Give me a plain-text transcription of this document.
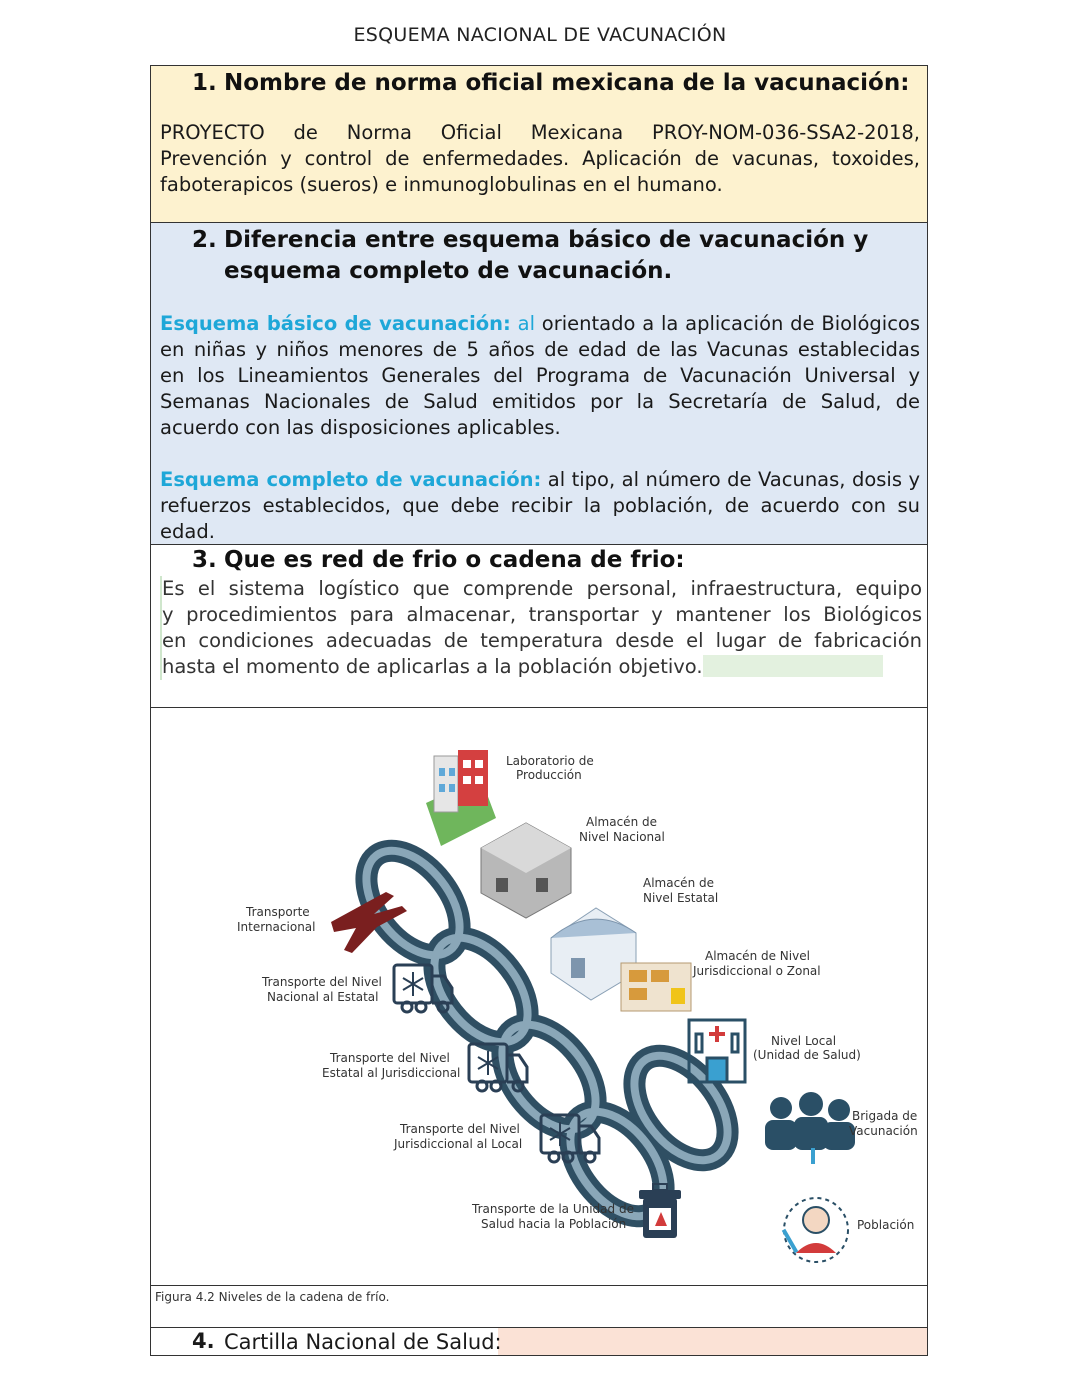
ESQUEMA NACIONAL DE VACUNACIÓN
1. Nombre de norma oficial mexicana de la vacunación:
PROYECTO de Norma Oficial Mexicana PROY-NOM-036-SSA2-2018,
Prevención y control de enfermedades. Aplicación de vacunas, toxoides,
faboterapicos (sueros) e inmunoglobulinas en el humano.
2. Diferencia entre esquema básico de vacunación y
esquema completo de vacunación.
Esquema básico de vacunación: al orientado a la aplicación de Biológicos
en niñas y niños menores de 5 años de edad de las Vacunas establecidas
en los Lineamientos Generales del Programa de Vacunación Universal y
Semanas Nacionales de Salud emitidos por la Secretaría de Salud, de
acuerdo con las disposiciones aplicables.
Esquema completo de vacunación: al tipo, al número de Vacunas, dosis y
refuerzos establecidos, que debe recibir la población, de acuerdo con su
edad.
3. Que es red de frio o cadena de frio:
Es el sistema logístico que comprende personal, infraestructura, equipo
y procedimientos para almacenar, transportar y mantener los Biológicos
en condiciones adecuadas de temperatura desde el lugar de fabricación
hasta el momento de aplicarlas a la población objetivo.
Laboratorio de
Producción
Almacén de
Nivel Nacional
Almacén de
Nivel Estatal
Almacén de Nivel
Jurisdiccional o Zonal
Nivel Local
(Unidad de Salud)
Brigada de
Vacunación
Población
Transporte
Internacional
Transporte del Nivel
Nacional al Estatal
Transporte del Nivel
Estatal al Jurisdiccional
Transporte del Nivel
Jurisdiccional al Local
Transporte de la Unidad de
Salud hacia la Población
Figura 4.2 Niveles de la cadena de frío.
4. Cartilla Nacional de Salud:
